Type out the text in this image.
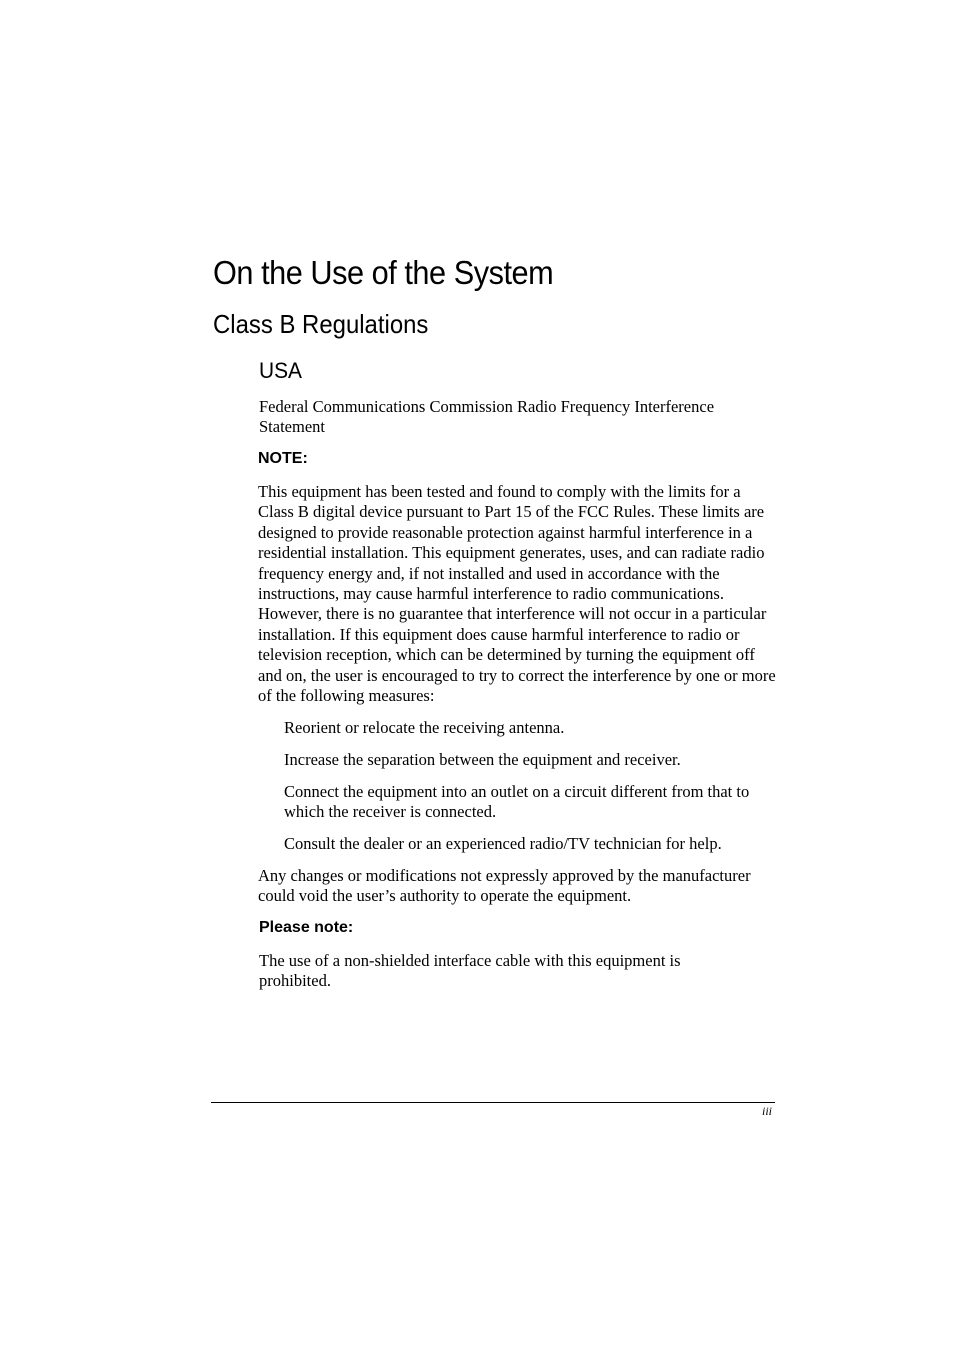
On the Use of the System
Class B Regulations
USA
Federal Communications Commission Radio Frequency Interference Statement
NOTE:
This equipment has been tested and found to comply with the limits for a Class B digital device pursuant to Part 15 of the FCC Rules. These limits are designed to provide reasonable protection against harmful interference in a residential installation. This equipment generates, uses, and can radiate radio frequency energy and, if not installed and used in accordance with the instructions, may cause harmful interference to radio communications. However, there is no guarantee that interference will not occur in a particular installation. If this equipment does cause harmful interference to radio or television reception, which can be determined by turning the equipment off and on, the user is encouraged to try to correct the interference by one or more of the following measures:
Reorient or relocate the receiving antenna.
Increase the separation between the equipment and receiver.
Connect the equipment into an outlet on a circuit different from that to which the receiver is connected.
Consult the dealer or an experienced radio/TV technician for help.
Any changes or modifications not expressly approved by the manufacturer could void the user’s authority to operate the equipment.
Please note:
The use of a non-shielded interface cable with this equipment is prohibited.
iii
